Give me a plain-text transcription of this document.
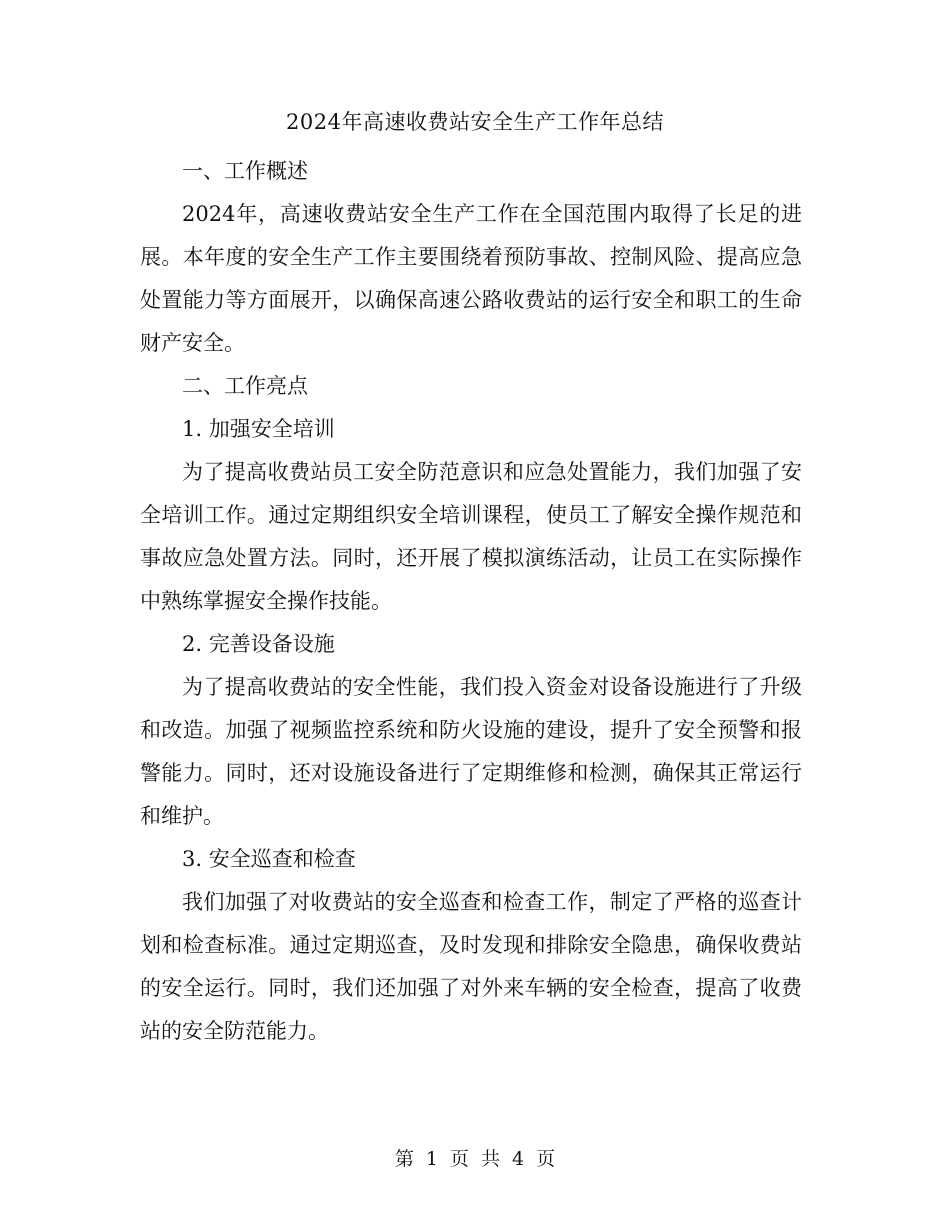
2024年高速收费站安全生产工作年总结

一、工作概述

2024年，高速收费站安全生产工作在全国范围内取得了长足的进展。本年度的安全生产工作主要围绕着预防事故、控制风险、提高应急处置能力等方面展开，以确保高速公路收费站的运行安全和职工的生命财产安全。

二、工作亮点

1. 加强安全培训

为了提高收费站员工安全防范意识和应急处置能力，我们加强了安全培训工作。通过定期组织安全培训课程，使员工了解安全操作规范和事故应急处置方法。同时，还开展了模拟演练活动，让员工在实际操作中熟练掌握安全操作技能。

2. 完善设备设施

为了提高收费站的安全性能，我们投入资金对设备设施进行了升级和改造。加强了视频监控系统和防火设施的建设，提升了安全预警和报警能力。同时，还对设施设备进行了定期维修和检测，确保其正常运行和维护。

3. 安全巡查和检查

我们加强了对收费站的安全巡查和检查工作，制定了严格的巡查计划和检查标准。通过定期巡查，及时发现和排除安全隐患，确保收费站的安全运行。同时，我们还加强了对外来车辆的安全检查，提高了收费站的安全防范能力。

第 1 页 共 4 页
